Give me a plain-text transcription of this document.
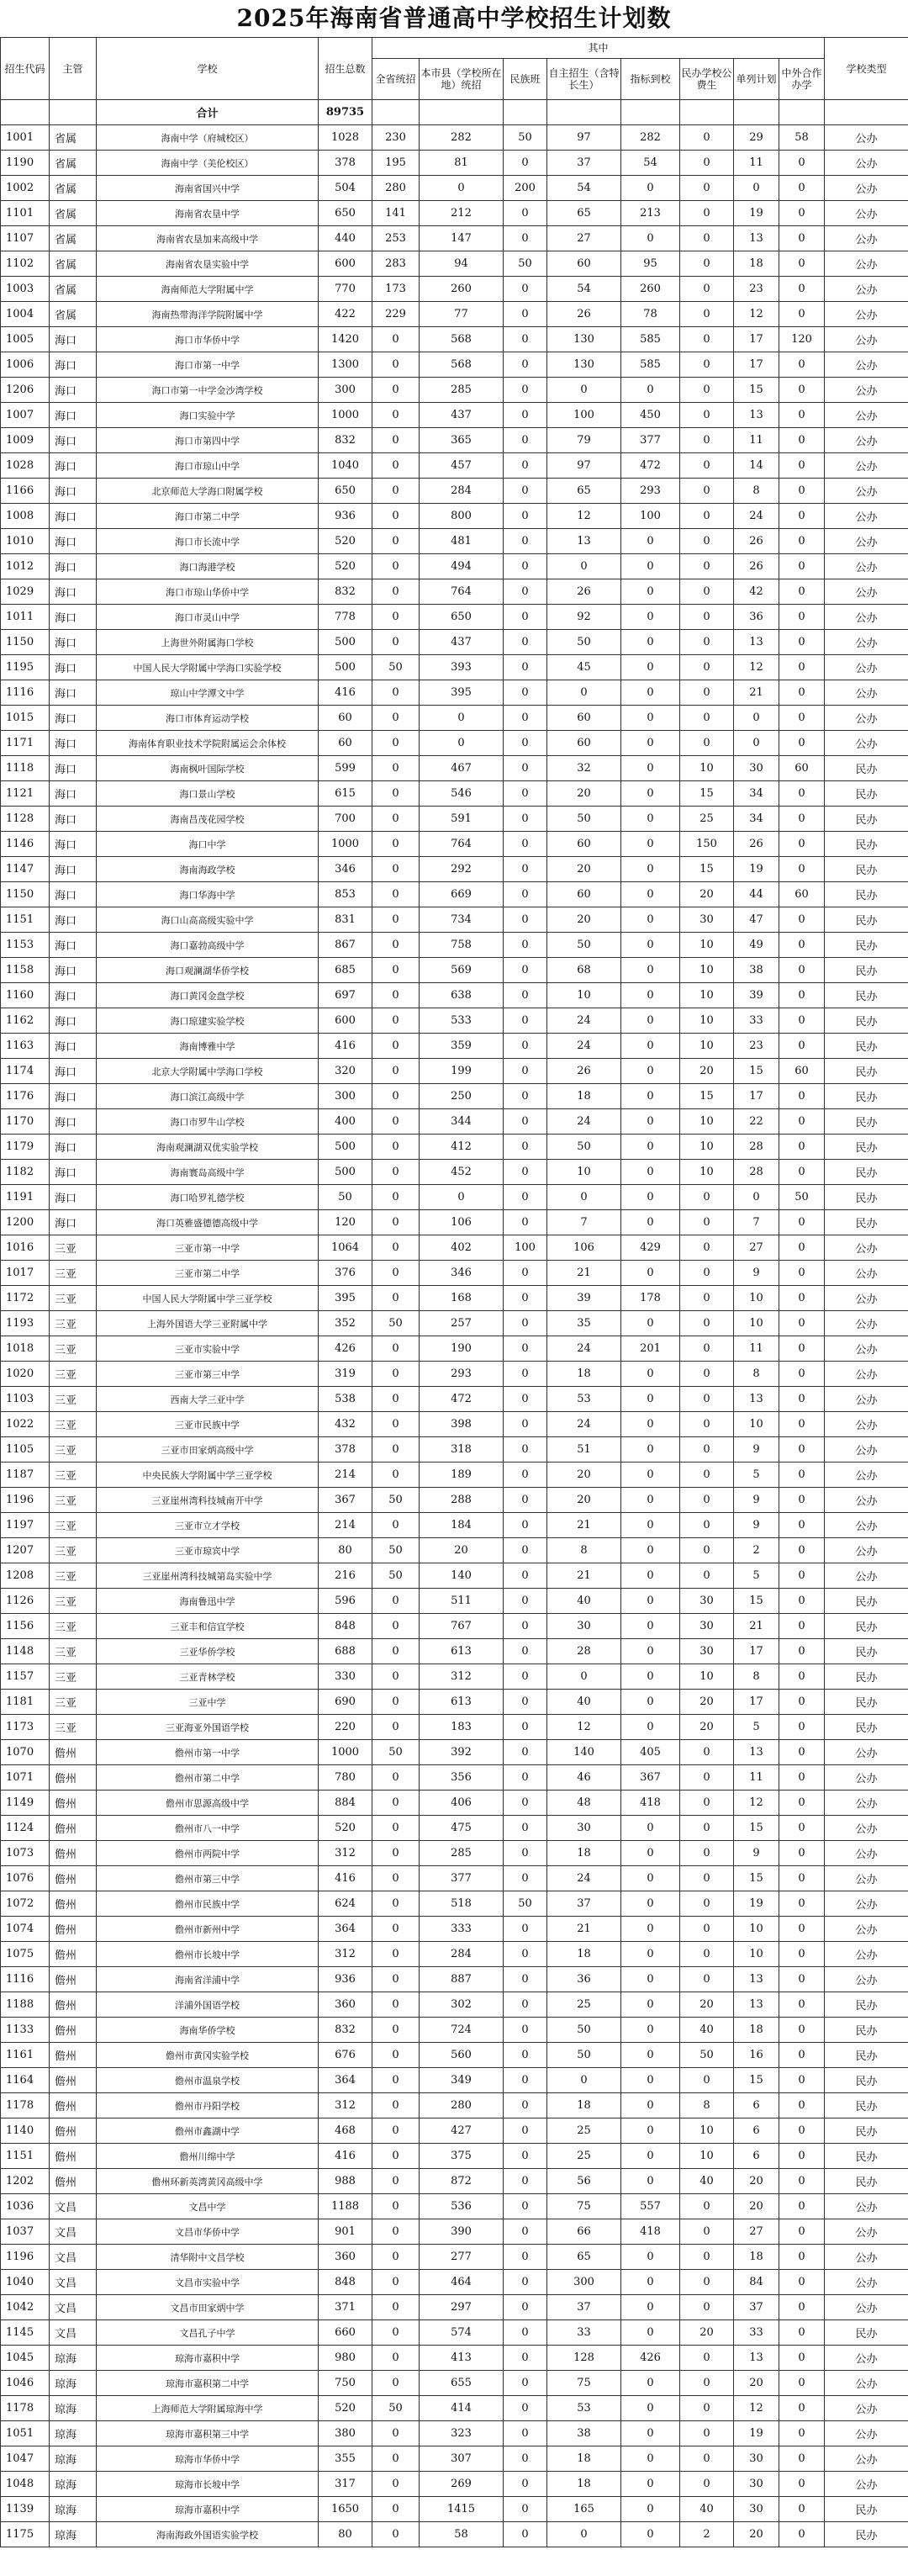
2025年海南省普通高中学校招生计划数
招生代码	主管	学校	招生总数	其中								学校类型
				全省统招	本市县（学校所在地）统招	民族班	自主招生（含特长生）	指标到校	民办学校公费生	单列计划	中外合作办学	
		合计	89735									
1001	省属	海南中学（府城校区）	1028	230	282	50	97	282	0	29	58	公办
1190	省属	海南中学（美伦校区）	378	195	81	0	37	54	0	11	0	公办
1002	省属	海南省国兴中学	504	280	0	200	54	0	0	0	0	公办
1101	省属	海南省农垦中学	650	141	212	0	65	213	0	19	0	公办
1107	省属	海南省农垦加来高级中学	440	253	147	0	27	0	0	13	0	公办
1102	省属	海南省农垦实验中学	600	283	94	50	60	95	0	18	0	公办
1003	省属	海南师范大学附属中学	770	173	260	0	54	260	0	23	0	公办
1004	省属	海南热带海洋学院附属中学	422	229	77	0	26	78	0	12	0	公办
1005	海口	海口市华侨中学	1420	0	568	0	130	585	0	17	120	公办
1006	海口	海口市第一中学	1300	0	568	0	130	585	0	17	0	公办
1206	海口	海口市第一中学金沙湾学校	300	0	285	0	0	0	0	15	0	公办
1007	海口	海口实验中学	1000	0	437	0	100	450	0	13	0	公办
1009	海口	海口市第四中学	832	0	365	0	79	377	0	11	0	公办
1028	海口	海口市琼山中学	1040	0	457	0	97	472	0	14	0	公办
1166	海口	北京师范大学海口附属学校	650	0	284	0	65	293	0	8	0	公办
1008	海口	海口市第二中学	936	0	800	0	12	100	0	24	0	公办
1010	海口	海口市长流中学	520	0	481	0	13	0	0	26	0	公办
1012	海口	海口海港学校	520	0	494	0	0	0	0	26	0	公办
1029	海口	海口市琼山华侨中学	832	0	764	0	26	0	0	42	0	公办
1011	海口	海口市灵山中学	778	0	650	0	92	0	0	36	0	公办
1150	海口	上海世外附属海口学校	500	0	437	0	50	0	0	13	0	公办
1195	海口	中国人民大学附属中学海口实验学校	500	50	393	0	45	0	0	12	0	公办
1116	海口	琼山中学潭文中学	416	0	395	0	0	0	0	21	0	公办
1015	海口	海口市体育运动学校	60	0	0	0	60	0	0	0	0	公办
1171	海口	海南体育职业技术学院附属运会余体校	60	0	0	0	60	0	0	0	0	公办
1118	海口	海南枫叶国际学校	599	0	467	0	32	0	10	30	60	民办
1121	海口	海口景山学校	615	0	546	0	20	0	15	34	0	民办
1128	海口	海南昌茂花园学校	700	0	591	0	50	0	25	34	0	民办
1146	海口	海口中学	1000	0	764	0	60	0	150	26	0	民办
1147	海口	海南海政学校	346	0	292	0	20	0	15	19	0	民办
1150	海口	海口华海中学	853	0	669	0	60	0	20	44	60	民办
1151	海口	海口山高高级实验中学	831	0	734	0	20	0	30	47	0	民办
1153	海口	海口嘉勃高级中学	867	0	758	0	50	0	10	49	0	民办
1158	海口	海口观澜湖华侨学校	685	0	569	0	68	0	10	38	0	民办
1160	海口	海口黄冈金盘学校	697	0	638	0	10	0	10	39	0	民办
1162	海口	海口琼建实验学校	600	0	533	0	24	0	10	33	0	民办
1163	海口	海南博雅中学	416	0	359	0	24	0	10	23	0	民办
1174	海口	北京大学附属中学海口学校	320	0	199	0	26	0	20	15	60	民办
1176	海口	海口滨江高级中学	300	0	250	0	18	0	15	17	0	民办
1170	海口	海口市罗牛山学校	400	0	344	0	24	0	10	22	0	民办
1179	海口	海南观澜湖双优实验学校	500	0	412	0	50	0	10	28	0	民办
1182	海口	海南寰岛高级中学	500	0	452	0	10	0	10	28	0	民办
1191	海口	海口哈罗礼德学校	50	0	0	0	0	0	0	0	50	民办
1200	海口	海口英雅盛德德高级中学	120	0	106	0	7	0	0	7	0	民办
1016	三亚	三亚市第一中学	1064	0	402	100	106	429	0	27	0	公办
1017	三亚	三亚市第二中学	376	0	346	0	21	0	0	9	0	公办
1172	三亚	中国人民大学附属中学三亚学校	395	0	168	0	39	178	0	10	0	公办
1193	三亚	上海外国语大学三亚附属中学	352	50	257	0	35	0	0	10	0	公办
1018	三亚	三亚市实验中学	426	0	190	0	24	201	0	11	0	公办
1020	三亚	三亚市第三中学	319	0	293	0	18	0	0	8	0	公办
1103	三亚	西南大学三亚中学	538	0	472	0	53	0	0	13	0	公办
1022	三亚	三亚市民族中学	432	0	398	0	24	0	0	10	0	公办
1105	三亚	三亚市田家炳高级中学	378	0	318	0	51	0	0	9	0	公办
1187	三亚	中央民族大学附属中学三亚学校	214	0	189	0	20	0	0	5	0	公办
1196	三亚	三亚崖州湾科技城南开中学	367	50	288	0	20	0	0	9	0	公办
1197	三亚	三亚市立才学校	214	0	184	0	21	0	0	9	0	公办
1207	三亚	三亚市琼宾中学	80	50	20	0	8	0	0	2	0	公办
1208	三亚	三亚崖州湾科技城第岛实验中学	216	50	140	0	21	0	0	5	0	公办
1126	三亚	海南鲁迅中学	596	0	511	0	40	0	30	15	0	民办
1156	三亚	三亚丰和信宜学校	848	0	767	0	30	0	30	21	0	民办
1148	三亚	三亚华侨学校	688	0	613	0	28	0	30	17	0	民办
1157	三亚	三亚青林学校	330	0	312	0	0	0	10	8	0	民办
1181	三亚	三亚中学	690	0	613	0	40	0	20	17	0	民办
1173	三亚	三亚海亚外国语学校	220	0	183	0	12	0	20	5	0	民办
1070	儋州	儋州市第一中学	1000	50	392	0	140	405	0	13	0	公办
1071	儋州	儋州市第二中学	780	0	356	0	46	367	0	11	0	公办
1149	儋州	儋州市思源高级中学	884	0	406	0	48	418	0	12	0	公办
1124	儋州	儋州市八一中学	520	0	475	0	30	0	0	15	0	公办
1073	儋州	儋州市两院中学	312	0	285	0	18	0	0	9	0	公办
1076	儋州	儋州市第三中学	416	0	377	0	24	0	0	15	0	公办
1072	儋州	儋州市民族中学	624	0	518	50	37	0	0	19	0	公办
1074	儋州	儋州市新州中学	364	0	333	0	21	0	0	10	0	公办
1075	儋州	儋州市长坡中学	312	0	284	0	18	0	0	10	0	公办
1116	儋州	海南省洋浦中学	936	0	887	0	36	0	0	13	0	公办
1188	儋州	洋浦外国语学校	360	0	302	0	25	0	20	13	0	民办
1133	儋州	海南华侨学校	832	0	724	0	50	0	40	18	0	民办
1161	儋州	儋州市黄冈实验学校	676	0	560	0	50	0	50	16	0	民办
1164	儋州	儋州市温泉学校	364	0	349	0	0	0	0	15	0	民办
1178	儋州	儋州市丹阳学校	312	0	280	0	18	0	8	6	0	民办
1140	儋州	儋州市鑫湖中学	468	0	427	0	25	0	10	6	0	民办
1151	儋州	儋州川绵中学	416	0	375	0	25	0	10	6	0	民办
1202	儋州	儋州环新英湾黄冈高级中学	988	0	872	0	56	0	40	20	0	民办
1036	文昌	文昌中学	1188	0	536	0	75	557	0	20	0	公办
1037	文昌	文昌市华侨中学	901	0	390	0	66	418	0	27	0	公办
1196	文昌	清华附中文昌学校	360	0	277	0	65	0	0	18	0	公办
1040	文昌	文昌市实验中学	848	0	464	0	300	0	0	84	0	公办
1042	文昌	文昌市田家炳中学	371	0	297	0	37	0	0	37	0	公办
1145	文昌	文昌孔子中学	660	0	574	0	33	0	20	33	0	民办
1045	琼海	琼海市嘉积中学	980	0	413	0	128	426	0	13	0	公办
1046	琼海	琼海市嘉积第二中学	750	0	655	0	75	0	0	20	0	公办
1178	琼海	上海师范大学附属琼海中学	520	50	414	0	53	0	0	12	0	公办
1051	琼海	琼海市嘉积第三中学	380	0	323	0	38	0	0	19	0	公办
1047	琼海	琼海市华侨中学	355	0	307	0	18	0	0	30	0	公办
1048	琼海	琼海市长坡中学	317	0	269	0	18	0	0	30	0	公办
1139	琼海	琼海市嘉积中学	1650	0	1415	0	165	0	40	30	0	民办
1175	琼海	海南海政外国语实验学校	80	0	58	0	0	0	2	20	0	民办
